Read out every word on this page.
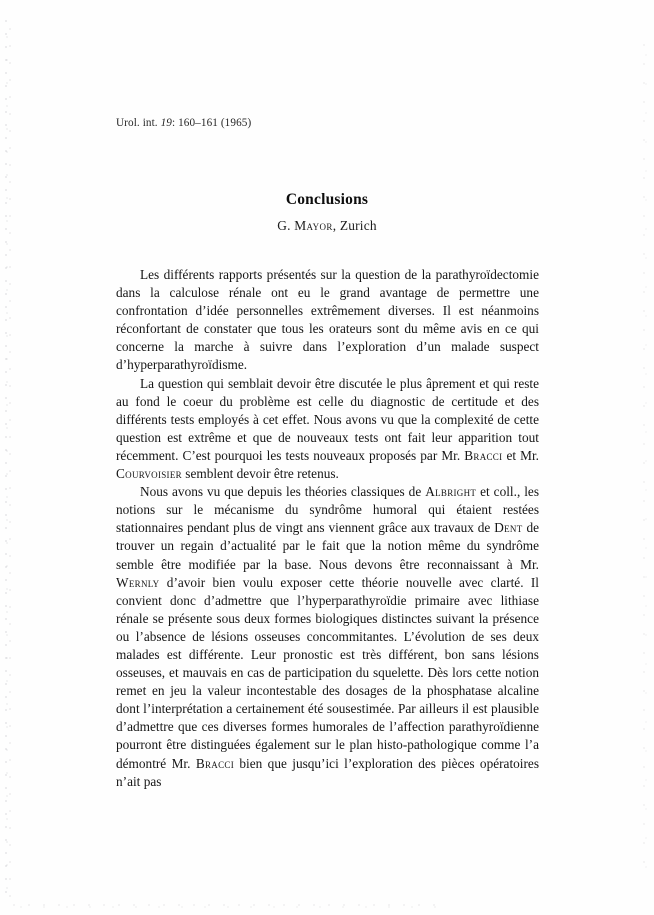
Urol. int. 19: 160–161 (1965)
Conclusions
G. Mayor, Zurich

Les différents rapports présentés sur la question de la parathyroïdectomie dans la calculose rénale ont eu le grand avantage de permettre une confrontation d’idée personnelles extrêmement diverses. Il est néanmoins réconfortant de constater que tous les orateurs sont du même avis en ce qui concerne la marche à suivre dans l’exploration d’un malade suspect d’hyperparathyroïdisme.

La question qui semblait devoir être discutée le plus âprement et qui reste au fond le coeur du problème est celle du diagnostic de certitude et des différents tests employés à cet effet. Nous avons vu que la complexité de cette question est extrême et que de nouveaux tests ont fait leur apparition tout récemment. C’est pourquoi les tests nouveaux proposés par Mr. Bracci et Mr. Courvoisier semblent devoir être retenus.

Nous avons vu que depuis les théories classiques de Albright et coll., les notions sur le mécanisme du syndrôme humoral qui étaient restées stationnaires pendant plus de vingt ans viennent grâce aux travaux de Dent de trouver un regain d’actualité par le fait que la notion même du syndrôme semble être modifiée par la base. Nous devons être reconnaissant à Mr. Wernly d’avoir bien voulu exposer cette théorie nouvelle avec clarté. Il convient donc d’admettre que l’hyperparathyroïdie primaire avec lithiase rénale se présente sous deux formes biologiques distinctes suivant la présence ou l’absence de lésions osseuses concommitantes. L’évolution de ses deux malades est différente. Leur pronostic est très différent, bon sans lésions osseuses, et mauvais en cas de participation du squelette. Dès lors cette notion remet en jeu la valeur incontestable des dosages de la phosphatase alcaline dont l’interprétation a certainement été sousestimée. Par ailleurs il est plausible d’admettre que ces diverses formes humorales de l’affection parathyroïdienne pourront être distinguées également sur le plan histo-pathologique comme l’a démontré Mr. Bracci bien que jusqu’ici l’exploration des pièces opératoires n’ait pas
